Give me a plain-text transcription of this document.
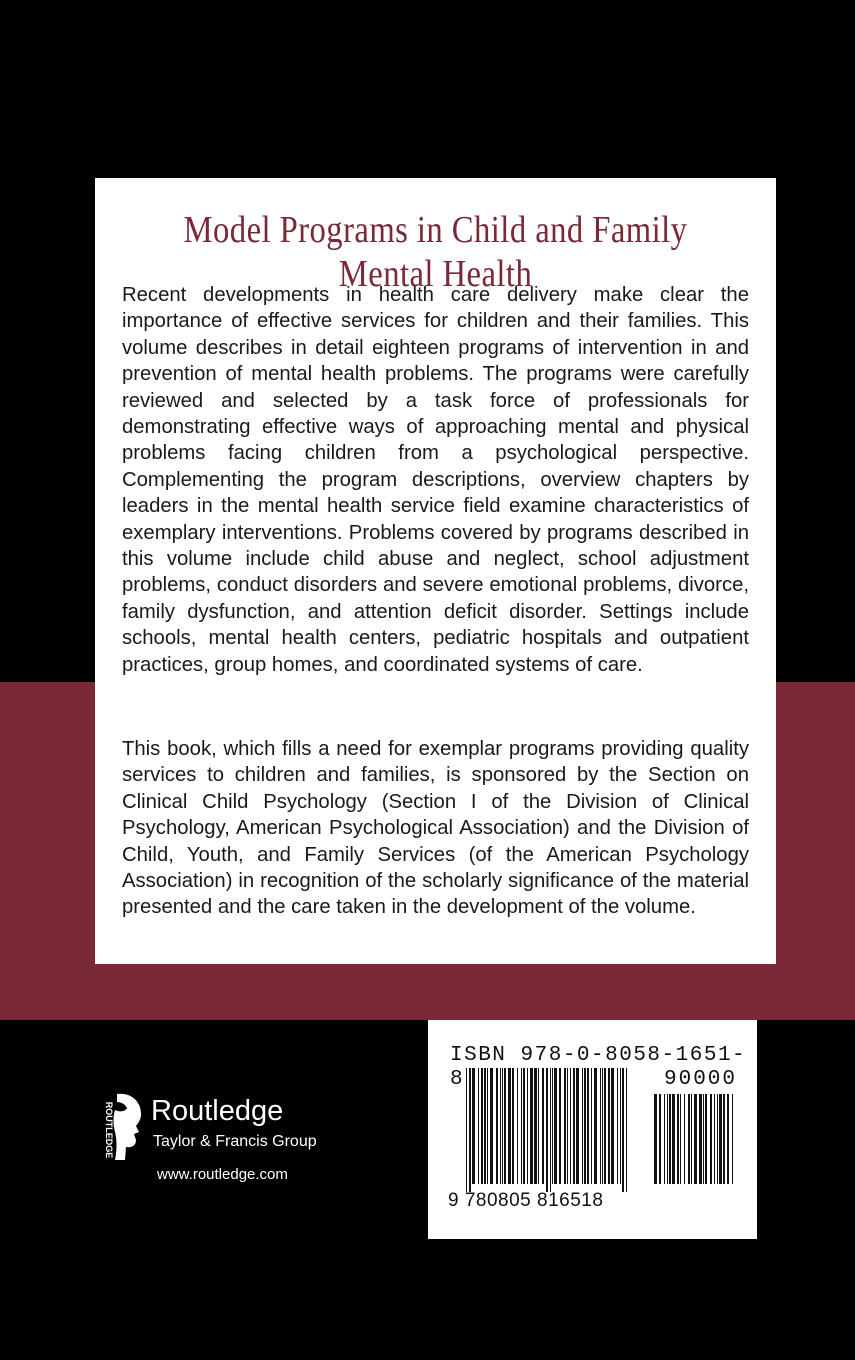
Model Programs in Child and Family Mental Health

Recent developments in health care delivery make clear the importance of effective services for children and their families. This volume describes in detail eighteen programs of intervention in and prevention of mental health problems. The programs were carefully reviewed and selected by a task force of professionals for demonstrating effective ways of approaching mental and physical problems facing children from a psychological perspective. Complementing the program descriptions, overview chapters by leaders in the mental health service field examine characteristics of exemplary interventions. Problems covered by programs described in this volume include child abuse and neglect, school adjustment problems, conduct disorders and severe emotional problems, divorce, family dysfunction, and attention deficit disorder. Settings include schools, mental health centers, pediatric hospitals and outpatient practices, group homes, and coordinated systems of care.

This book, which fills a need for exemplar programs providing quality services to children and families, is sponsored by the Section on Clinical Child Psychology (Section I of the Division of Clinical Psychology, American Psychological Association) and the Division of Child, Youth, and Family Services (of the American Psychology Association) in recognition of the scholarly significance of the material presented and the care taken in the development of the volume.

ROUTLEDGE Routledge
Taylor & Francis Group
www.routledge.com
ISBN 978-0-8058-1651-8	90000
9 780805 816518
